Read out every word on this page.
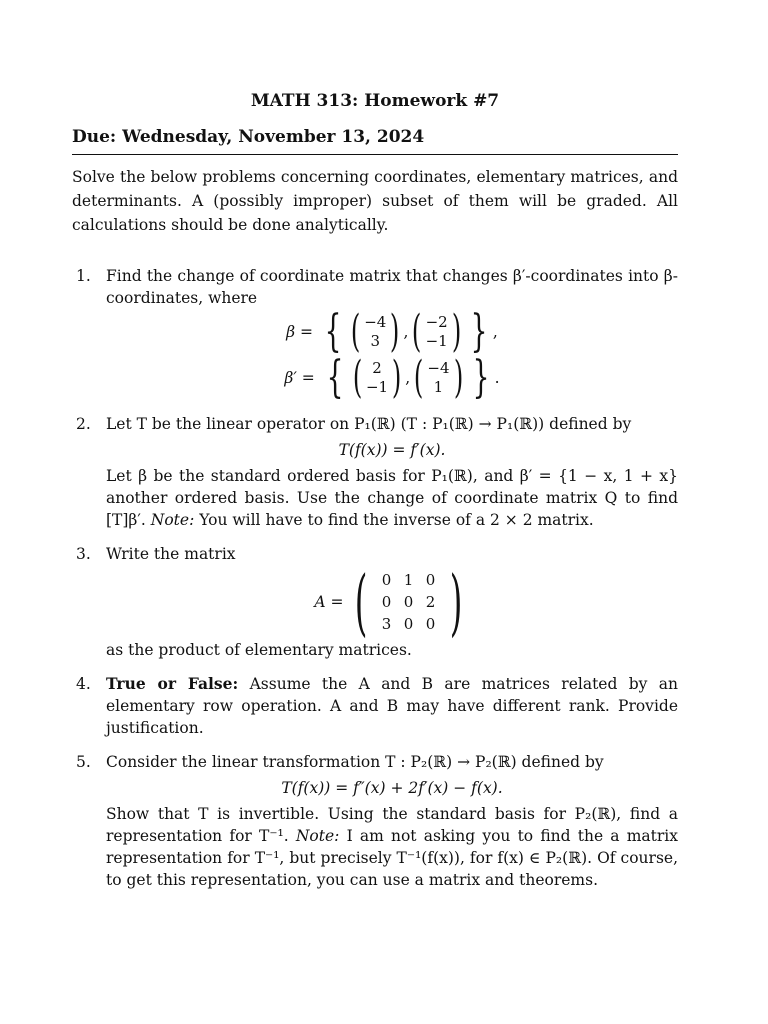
MATH 313: Homework #7
Due: Wednesday, November 13, 2024
Solve the below problems concerning coordinates, elementary matrices, and determinants. A (possibly improper) subset of them will be graded. All calculations should be done analytically.
1. Find the change of coordinate matrix that changes β′-coordinates into β-coordinates, where
β = { ( −4
3 ) , ( −2
−1 ) } ,
β′ = { ( 2
−1 ) , ( −4
1 ) } .
2. Let T be the linear operator on P₁(ℝ) (T : P₁(ℝ) → P₁(ℝ)) defined by
T(f(x)) = f′(x).
Let β be the standard ordered basis for P₁(ℝ), and β′ = {1 − x, 1 + x} another ordered basis. Use the change of coordinate matrix Q to find [T]β′. Note: You will have to find the inverse of a 2 × 2 matrix.
3. Write the matrix
A = ( 0 1 0
0 0 2
3 0 0 )
as the product of elementary matrices.
4. True or False: Assume the A and B are matrices related by an elementary row operation. A and B may have different rank. Provide justification.
5. Consider the linear transformation T : P₂(ℝ) → P₂(ℝ) defined by
T(f(x)) = f″(x) + 2f′(x) − f(x).
Show that T is invertible. Using the standard basis for P₂(ℝ), find a representation for T⁻¹. Note: I am not asking you to find the a matrix representation for T⁻¹, but precisely T⁻¹(f(x)), for f(x) ∈ P₂(ℝ). Of course, to get this representation, you can use a matrix and theorems.
